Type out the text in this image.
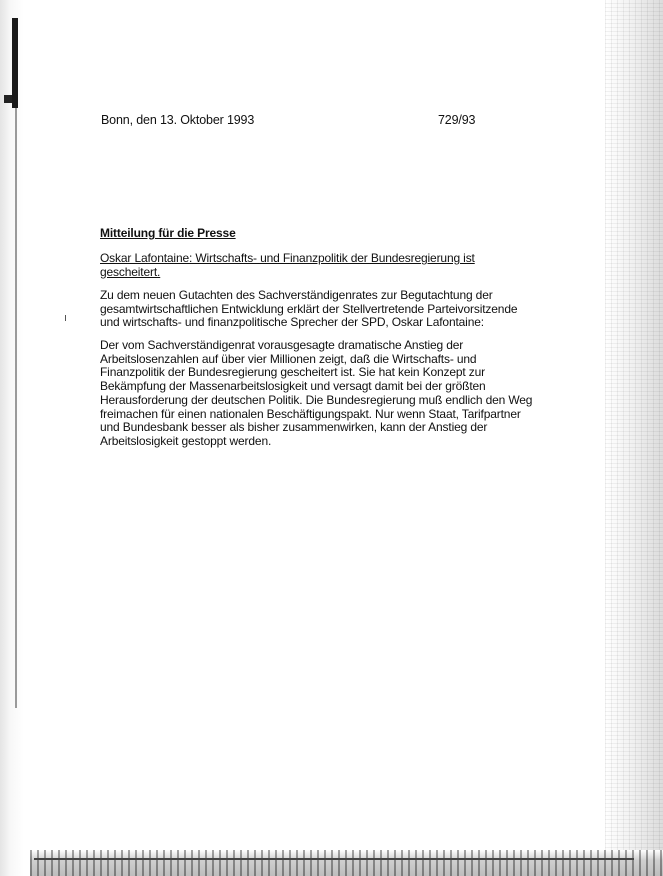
Bonn, den 13. Oktober 1993	729/93
Mitteilung für die Presse
Oskar Lafontaine: Wirtschafts- und Finanzpolitik der Bundesregierung ist gescheitert.

Zu dem neuen Gutachten des Sachverständigenrates zur Begutachtung der gesamtwirtschaftlichen Entwicklung erklärt der Stellvertretende Parteivorsitzende und wirtschafts- und finanzpolitische Sprecher der SPD, Oskar Lafontaine:

Der vom Sachverständigenrat vorausgesagte dramatische Anstieg der Arbeitslosenzahlen auf über vier Millionen zeigt, daß die Wirtschafts- und Finanzpolitik der Bundesregierung gescheitert ist. Sie hat kein Konzept zur Bekämpfung der Massenarbeitslosigkeit und versagt damit bei der größten Herausforderung der deutschen Politik. Die Bundesregierung muß endlich den Weg freimachen für einen nationalen Beschäftigungspakt. Nur wenn Staat, Tarifpartner und Bundesbank besser als bisher zusammenwirken, kann der Anstieg der Arbeitslosigkeit gestoppt werden.
